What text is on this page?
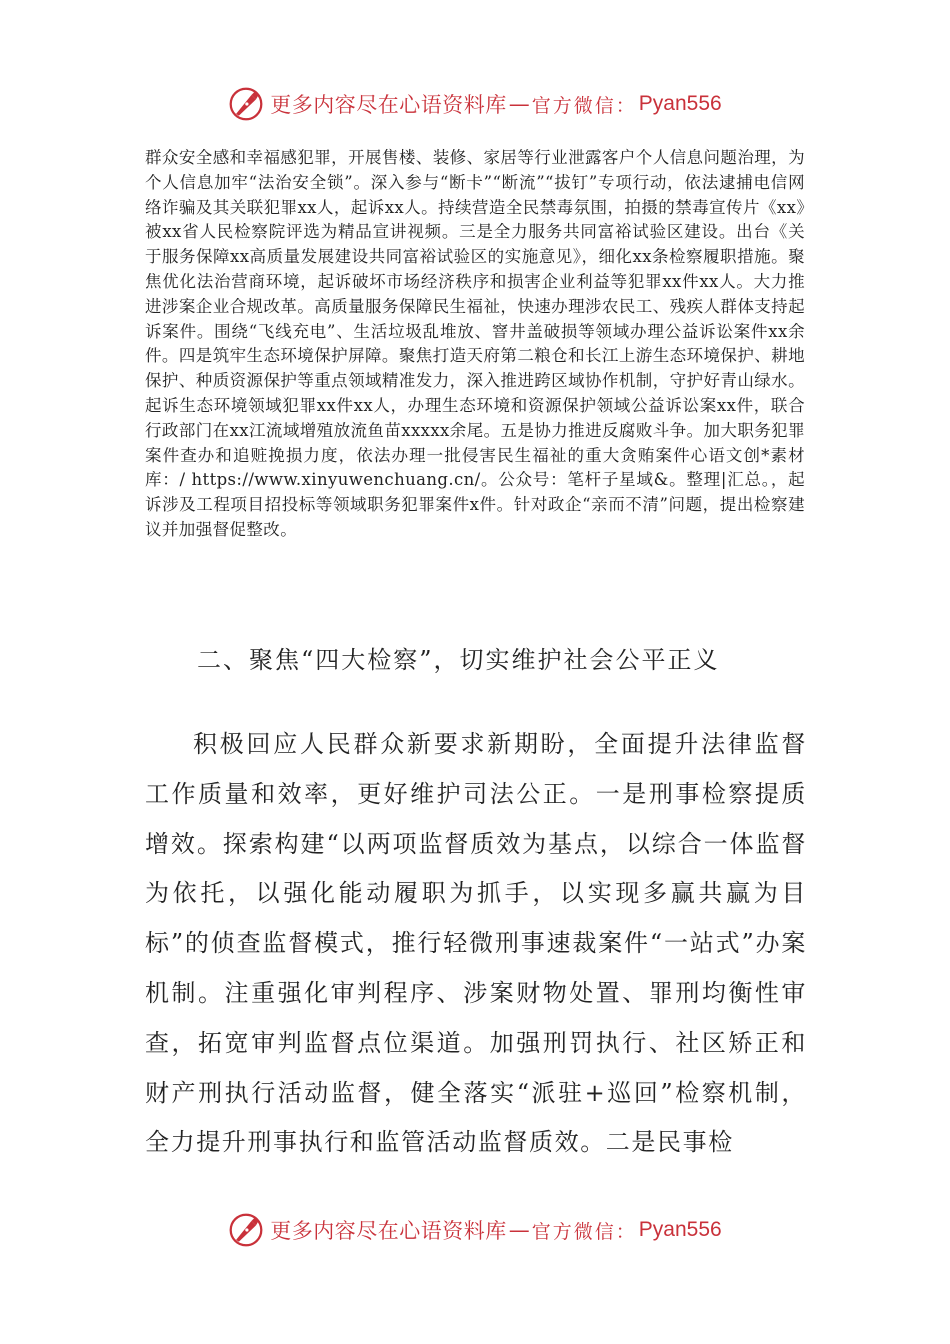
更多内容尽在心语资料库 — 官方微信： Pyan556

群众安全感和幸福感犯罪，开展售楼、装修、家居等行业泄露客户个人信息问题治理，为个人信息加牢“法治安全锁”。深入参与“断卡”“断流”“拔钉”专项行动，依法逮捕电信网络诈骗及其关联犯罪xx人，起诉xx人。持续营造全民禁毒氛围，拍摄的禁毒宣传片《xx》被xx省人民检察院评选为精品宣讲视频。三是全力服务共同富裕试验区建设。出台《关于服务保障xx高质量发展建设共同富裕试验区的实施意见》，细化xx条检察履职措施。聚焦优化法治营商环境，起诉破坏市场经济秩序和损害企业利益等犯罪xx件xx人。大力推进涉案企业合规改革。高质量服务保障民生福祉，快速办理涉农民工、残疾人群体支持起诉案件。围绕“飞线充电”、生活垃圾乱堆放、窨井盖破损等领域办理公益诉讼案件xx余件。四是筑牢生态环境保护屏障。聚焦打造天府第二粮仓和长江上游生态环境保护、耕地保护、种质资源保护等重点领域精准发力，深入推进跨区域协作机制，守护好青山绿水。起诉生态环境领域犯罪xx件xx人，办理生态环境和资源保护领域公益诉讼案xx件，联合行政部门在xx江流域增殖放流鱼苗xxxxx余尾。五是协力推进反腐败斗争。加大职务犯罪案件查办和追赃挽损力度，依法办理一批侵害民生福祉的重大贪贿案件心语文创*素材库：/ https://www.xinyuwenchuang.cn/。公众号：笔杆子星域&。整理|汇总。，起诉涉及工程项目招投标等领域职务犯罪案件x件。针对政企“亲而不清”问题，提出检察建议并加强督促整改。

二、聚焦“四大检察”，切实维护社会公平正义

积极回应人民群众新要求新期盼，全面提升法律监督工作质量和效率，更好维护司法公正。一是刑事检察提质增效。探索构建“以两项监督质效为基点，以综合一体监督为依托，以强化能动履职为抓手，以实现多赢共赢为目标”的侦查监督模式，推行轻微刑事速裁案件“一站式”办案机制。注重强化审判程序、涉案财物处置、罪刑均衡性审查，拓宽审判监督点位渠道。加强刑罚执行、社区矫正和财产刑执行活动监督，健全落实“派驻+巡回”检察机制，全力提升刑事执行和监管活动监督质效。二是民事检

更多内容尽在心语资料库 — 官方微信： Pyan556
